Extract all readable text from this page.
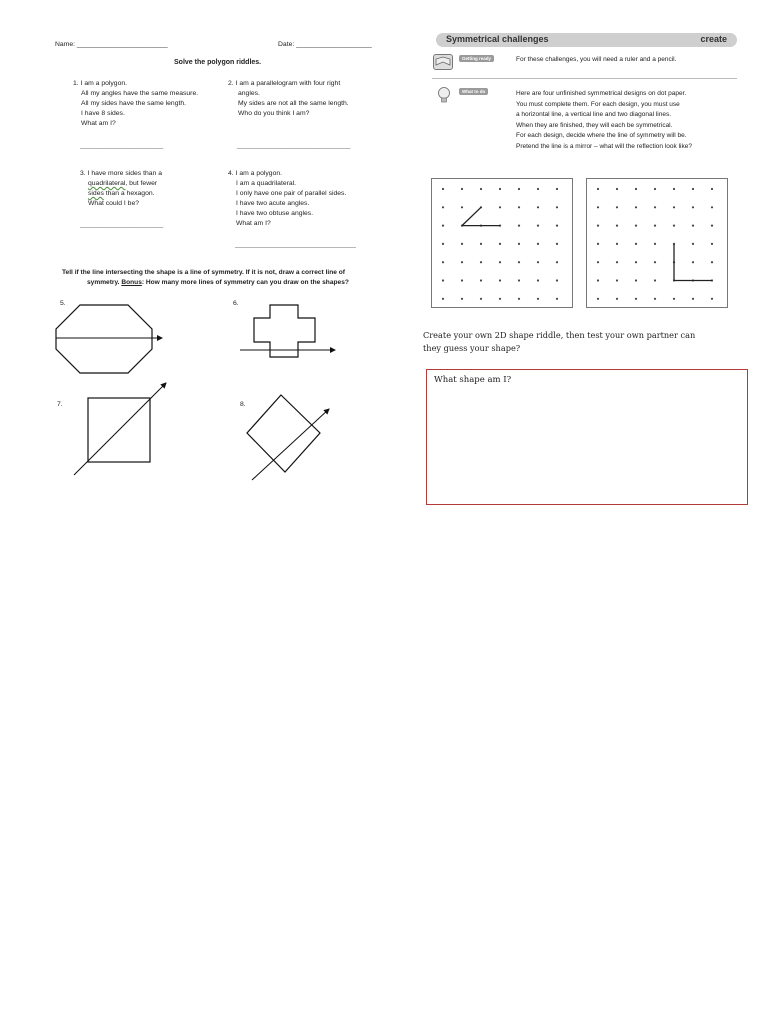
Name: ________________________	Date: ____________________
Solve the polygon riddles.
1. I am a polygon.
All my angles have the same measure.
All my sides have the same length.
I have 8 sides.
What am I?
______________________
2. I am a parallelogram with four right
angles.
My sides are not all the same length.
Who do you think I am?
______________________________
3. I have more sides than a
quadrilateral, but fewer
sides than a hexagon.
What could I be?
______________________
4. I am a polygon.
I am a quadrilateral.
I only have one pair of parallel sides.
I have two acute angles.
I have two obtuse angles.
What am I?
________________________________
Tell if the line intersecting the shape is a line of symmetry. If it is not, draw a correct line of
symmetry. Bonus: How many more lines of symmetry can you draw on the shapes?
5.	6.
7.	8.
Symmetrical challenges	create
Getting ready	For these challenges, you will need a ruler and a pencil.
What to do	Here are four unfinished symmetrical designs on dot paper.
You must complete them. For each design, you must use
a horizontal line, a vertical line and two diagonal lines.
When they are finished, they will each be symmetrical.
For each design, decide where the line of symmetry will be.
Pretend the line is a mirror – what will the reflection look like?
Create your own 2D shape riddle, then test your own partner can
they guess your shape?
What shape am I?
